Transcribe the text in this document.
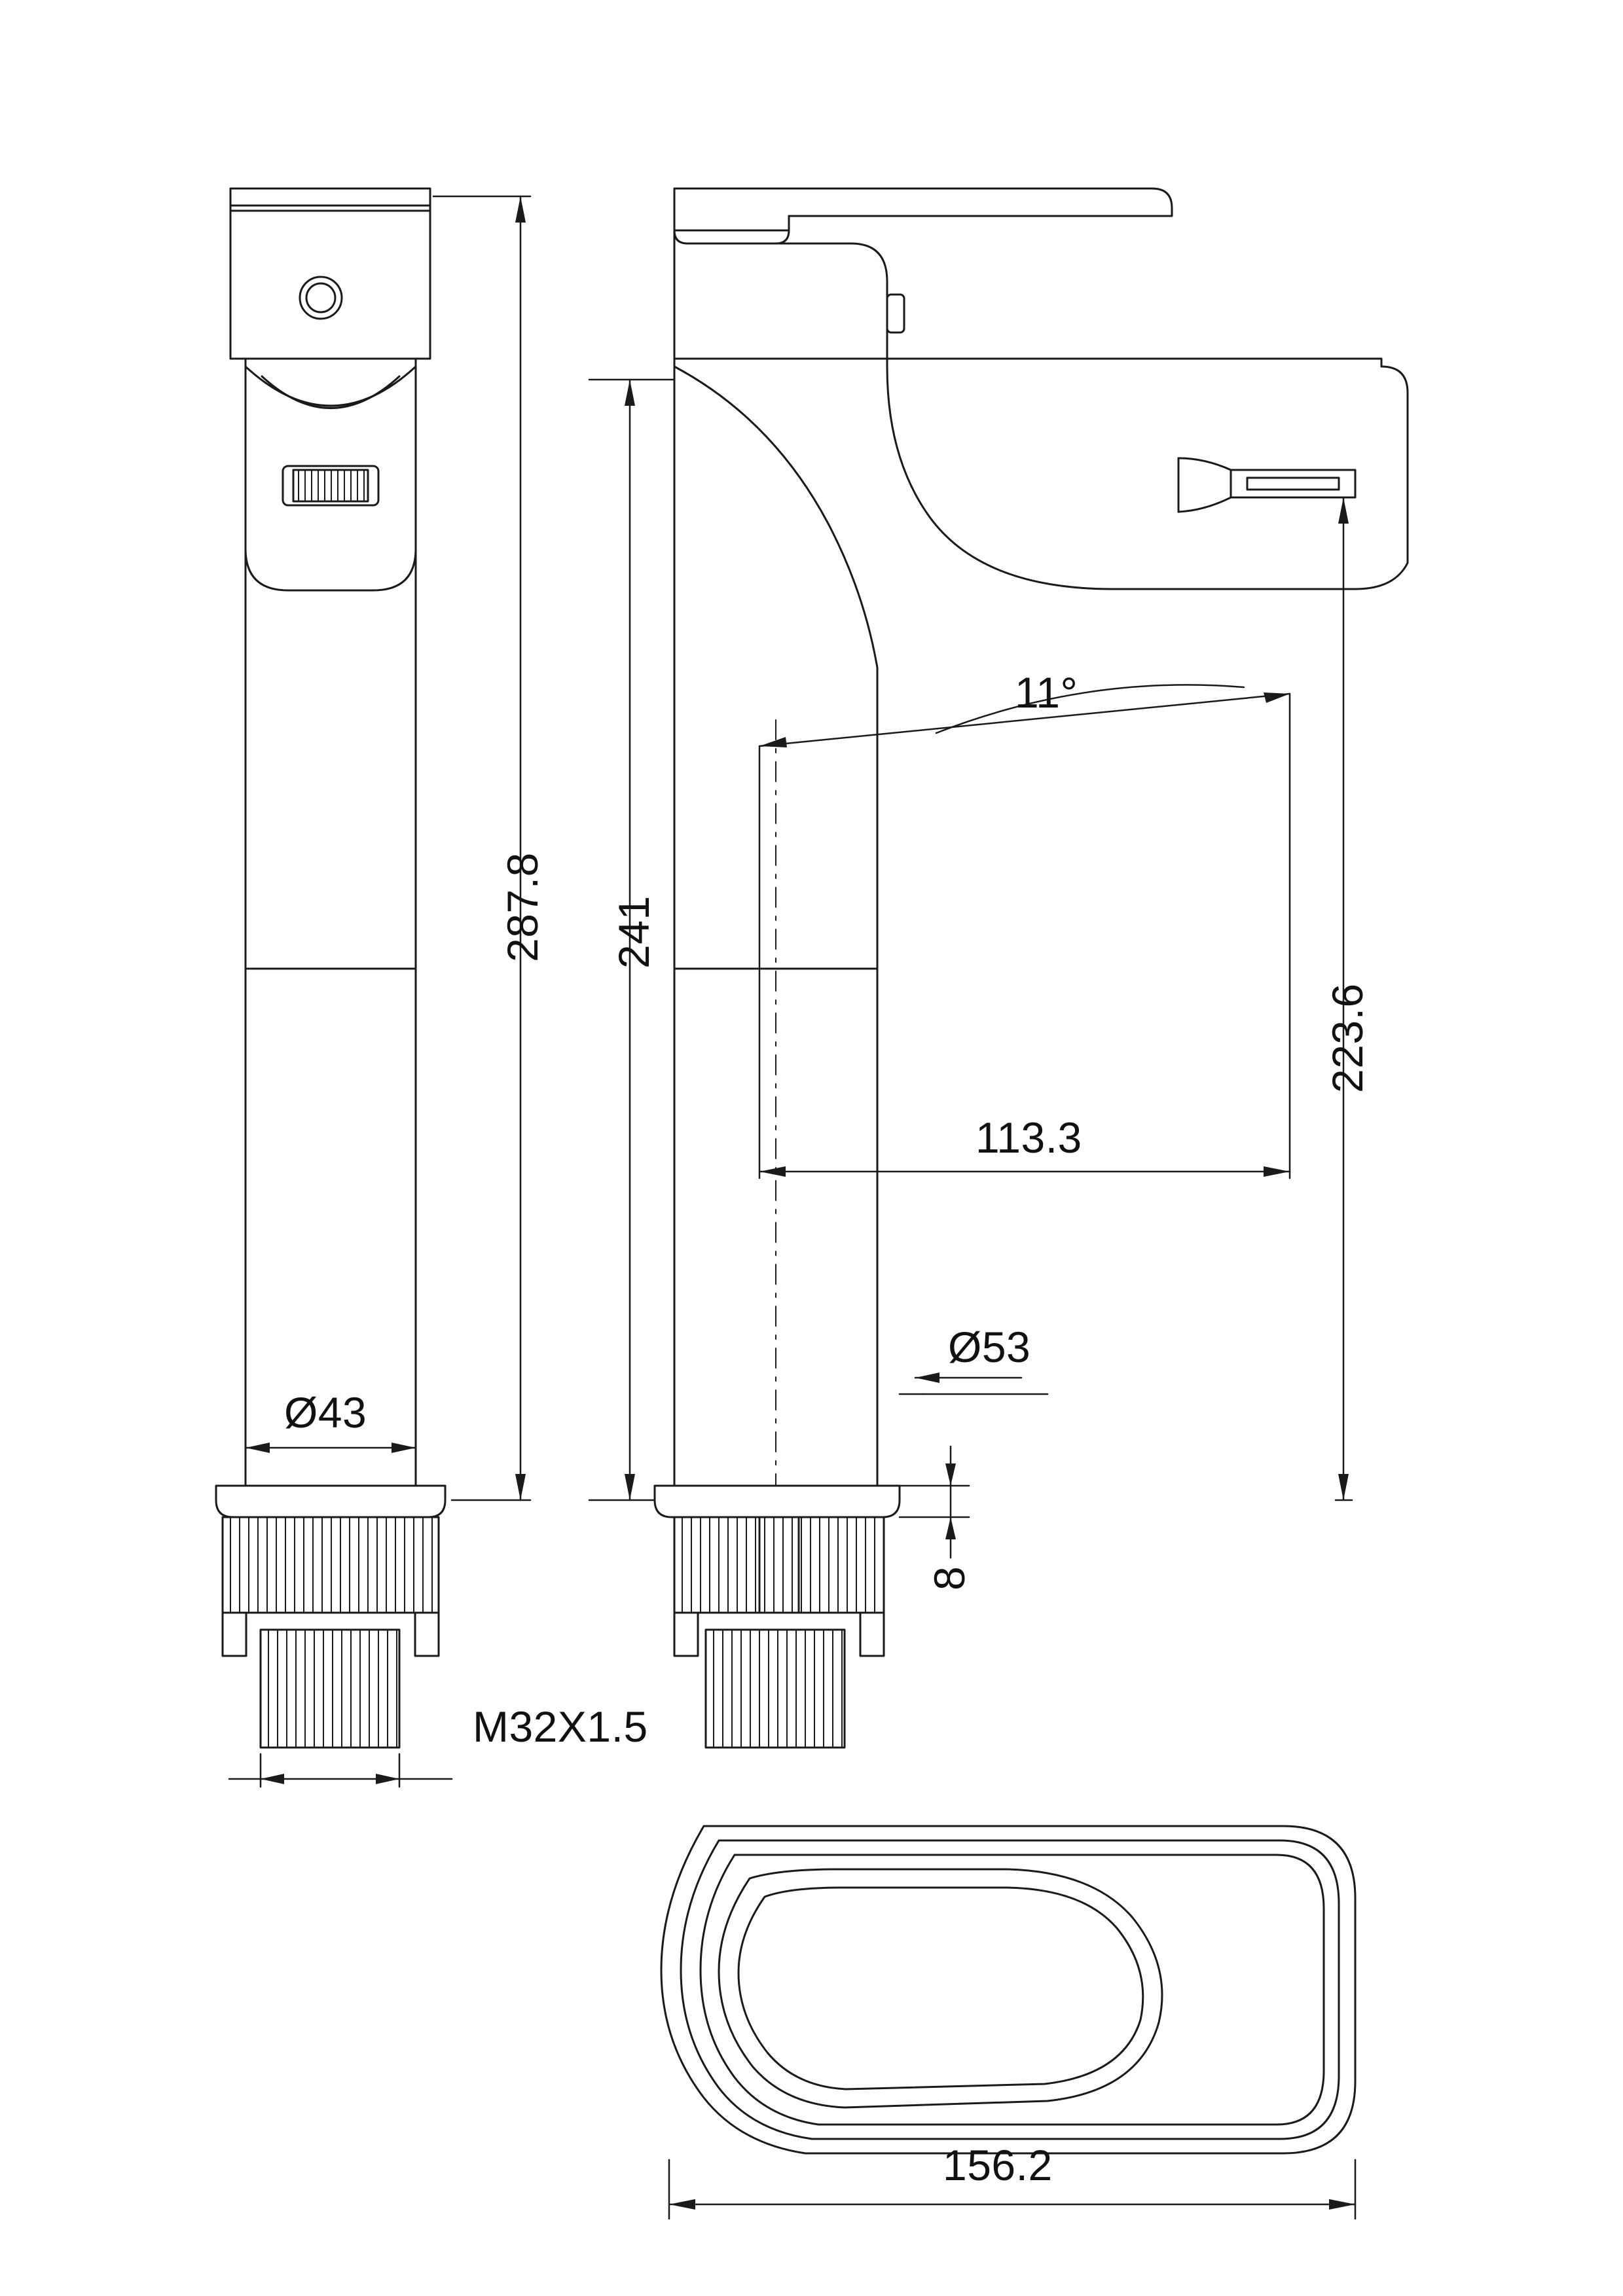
287.8 241
223.6
113.3
Ø43
Ø53
8
M32X1.5
11°
156.2
